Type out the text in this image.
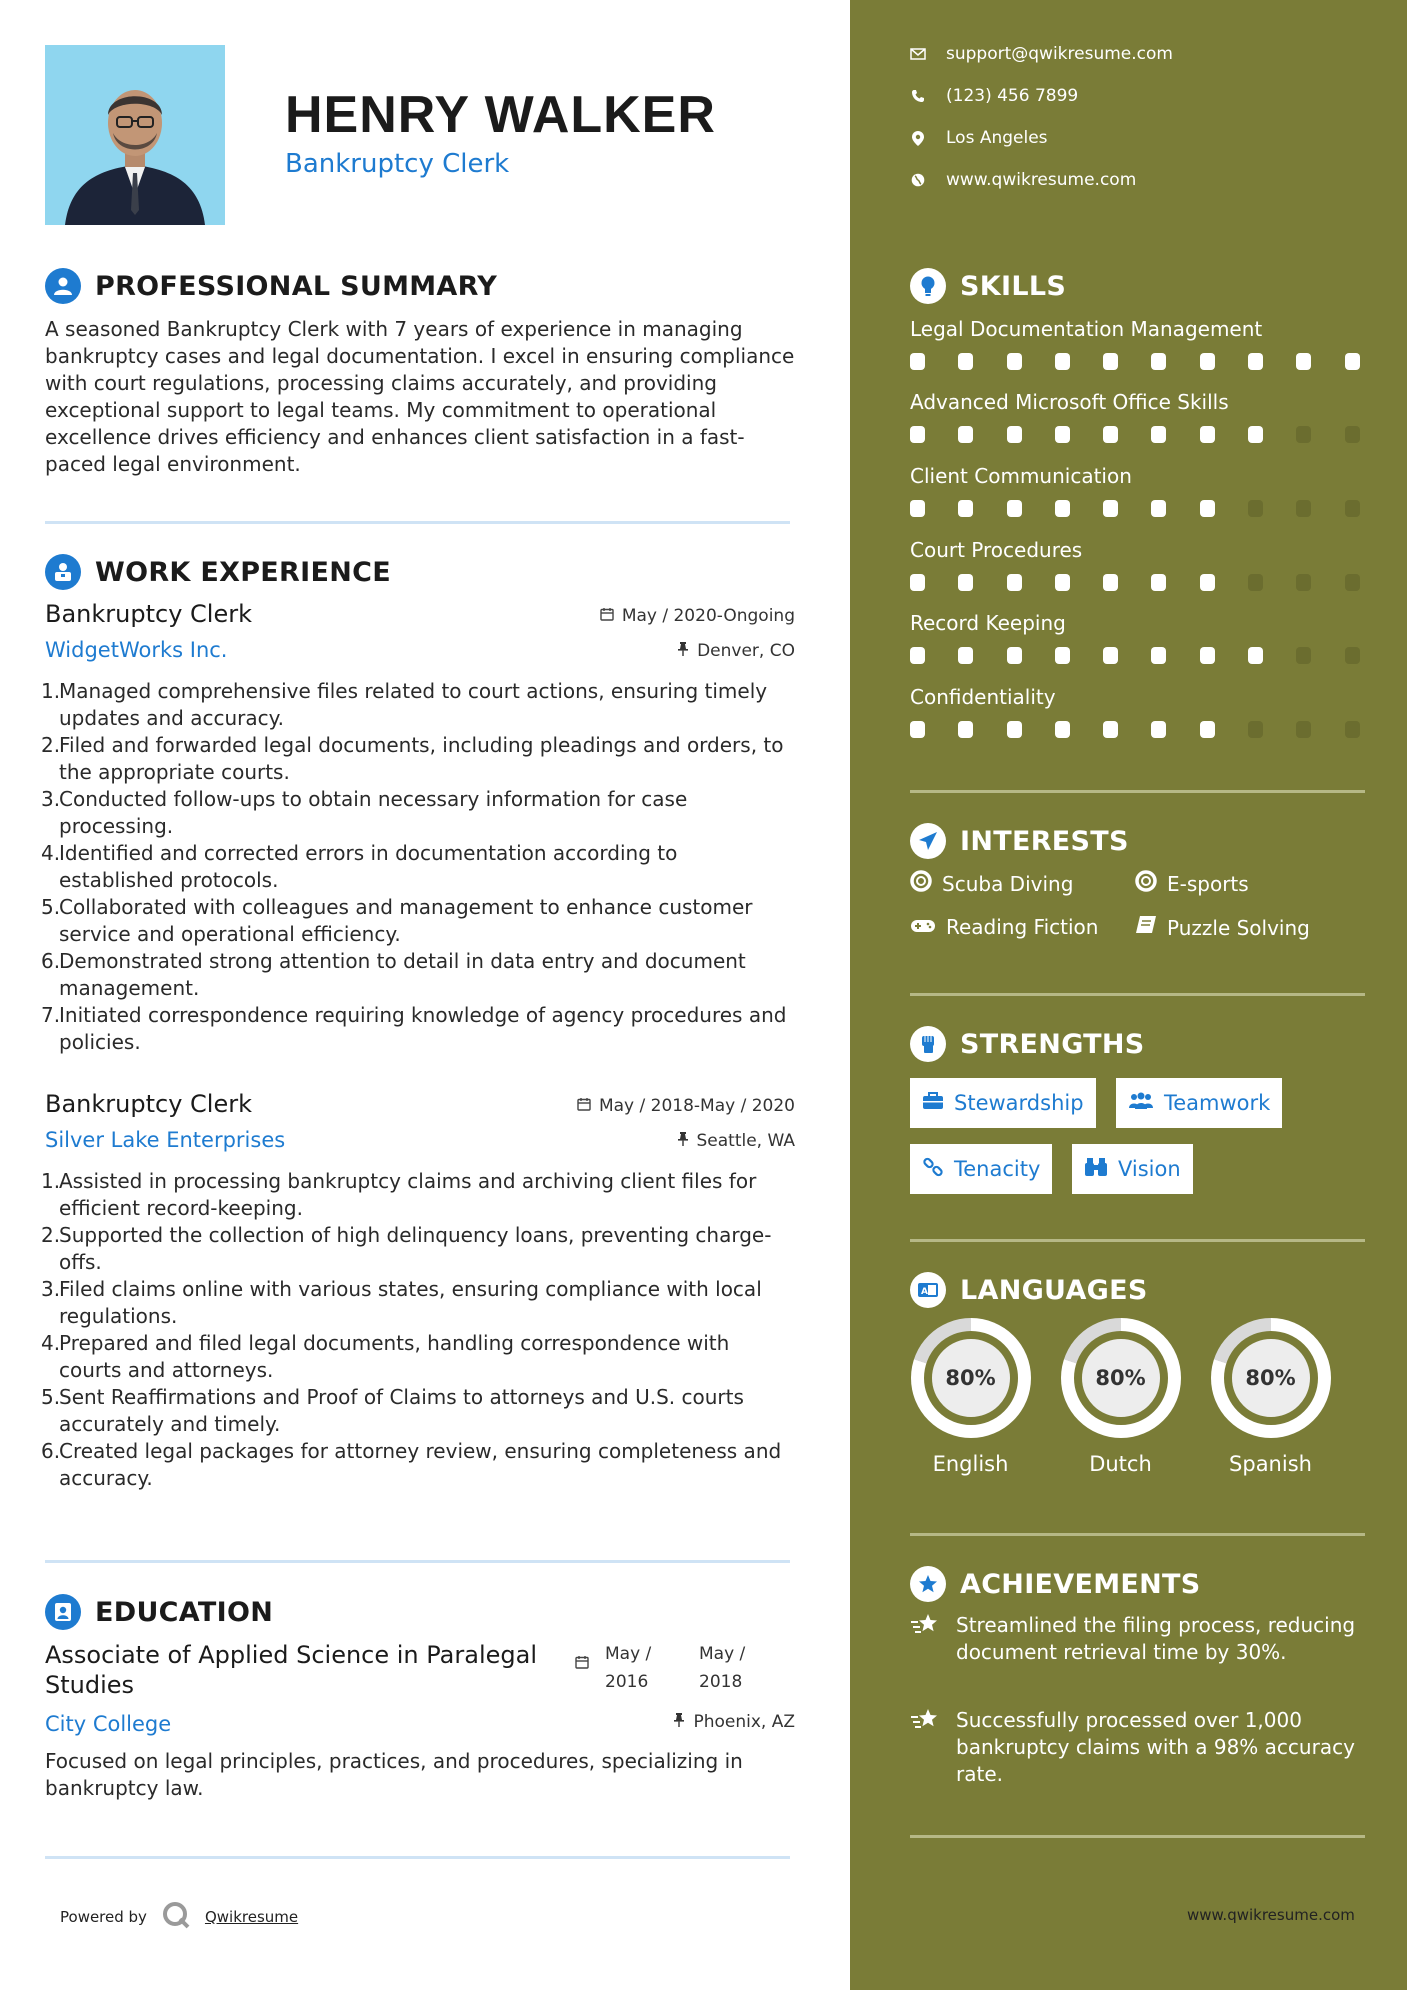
HENRY WALKER
Bankruptcy Clerk
PROFESSIONAL SUMMARY
A seasoned Bankruptcy Clerk with 7 years of experience in managing bankruptcy cases and legal documentation. I excel in ensuring compliance with court regulations, processing claims accurately, and providing exceptional support to legal teams. My commitment to operational excellence drives efficiency and enhances client satisfaction in a fast-paced legal environment.
WORK EXPERIENCE
Bankruptcy Clerk
WidgetWorks Inc.
May / 2020-Ongoing
Denver, CO
1.
Managed comprehensive files related to court actions, ensuring timely updates and accuracy.
2.
Filed and forwarded legal documents, including pleadings and orders, to the appropriate courts.
3.
Conducted follow-ups to obtain necessary information for case processing.
4.
Identified and corrected errors in documentation according to established protocols.
5.
Collaborated with colleagues and management to enhance customer service and operational efficiency.
6.
Demonstrated strong attention to detail in data entry and document management.
7.
Initiated correspondence requiring knowledge of agency procedures and policies.
Bankruptcy Clerk
Silver Lake Enterprises
May / 2018-May / 2020
Seattle, WA
1.
Assisted in processing bankruptcy claims and archiving client files for efficient record-keeping.
2.
Supported the collection of high delinquency loans, preventing charge-offs.
3.
Filed claims online with various states, ensuring compliance with local regulations.
4.
Prepared and filed legal documents, handling correspondence with courts and attorneys.
5.
Sent Reaffirmations and Proof of Claims to attorneys and U.S. courts accurately and timely.
6.
Created legal packages for attorney review, ensuring completeness and accuracy.
EDUCATION
Associate of Applied Science in Paralegal Studies
May / 2016
May / 2018
City College	Phoenix, AZ
Focused on legal principles, practices, and procedures, specializing in bankruptcy law.
Powered by	Qwikresume
support@qwikresume.com
(123) 456 7899
Los Angeles
www.qwikresume.com
SKILLS
Legal Documentation Management
Advanced Microsoft Office Skills
Client Communication
Court Procedures
Record Keeping
Confidentiality
INTERESTS
Scuba Diving	E-sports
Reading Fiction	Puzzle Solving
STRENGTHS
Stewardship	Teamwork
Tenacity	Vision
A LANGUAGES
80%
English
80%
Dutch
80%
Spanish
ACHIEVEMENTS
Streamlined the filing process, reducing document retrieval time by 30%.
Successfully processed over 1,000 bankruptcy claims with a 98% accuracy rate.
www.qwikresume.com
